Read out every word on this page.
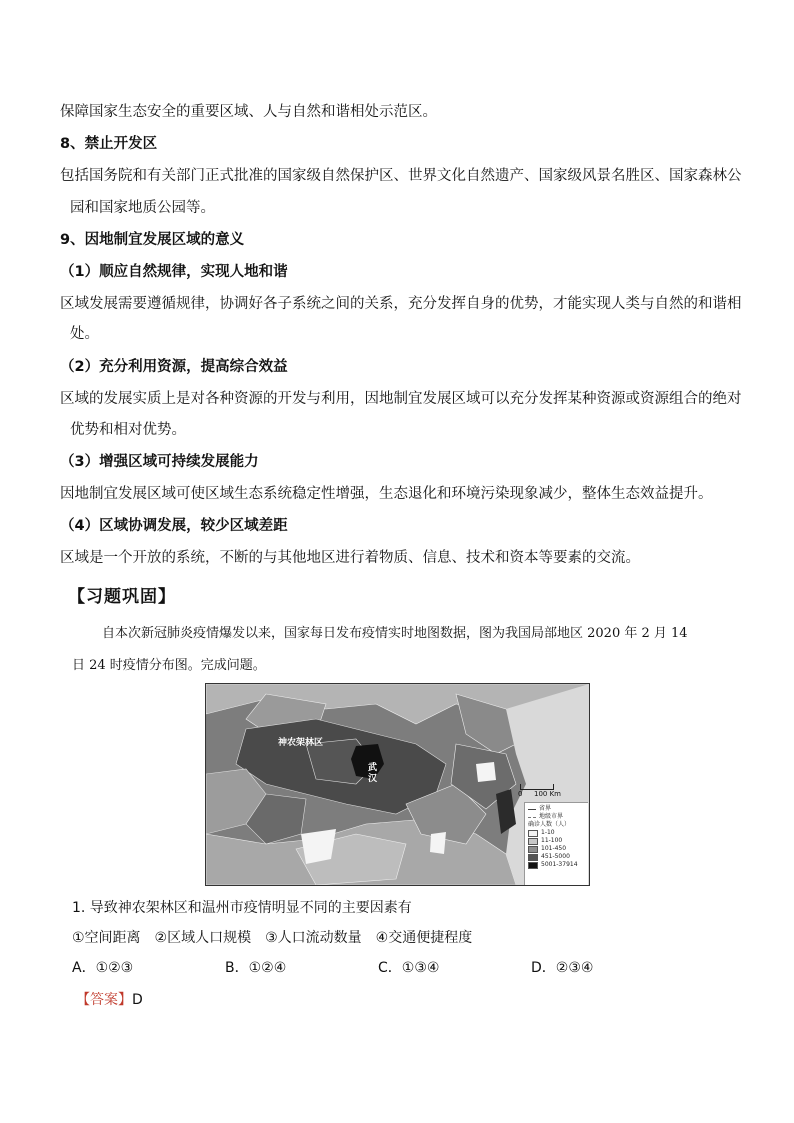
保障国家生态安全的重要区域、人与自然和谐相处示范区。
8、禁止开发区
包括国务院和有关部门正式批准的国家级自然保护区、世界文化自然遗产、国家级风景名胜区、国家森林公
园和国家地质公园等。
9、因地制宜发展区域的意义
（1）顺应自然规律，实现人地和谐
区域发展需要遵循规律，协调好各子系统之间的关系，充分发挥自身的优势，才能实现人类与自然的和谐相
处。
（2）充分利用资源，提高综合效益
区域的发展实质上是对各种资源的开发与利用，因地制宜发展区域可以充分发挥某种资源或资源组合的绝对
优势和相对优势。
（3）增强区域可持续发展能力
因地制宜发展区域可使区域生态系统稳定性增强，生态退化和环境污染现象减少，整体生态效益提升。
（4）区域协调发展，较少区域差距
区域是一个开放的系统，不断的与其他地区进行着物质、信息、技术和资本等要素的交流。
【习题巩固】
自本次新冠肺炎疫情爆发以来，国家每日发布疫情实时地图数据，图为我国局部地区 2020 年 2 月 14
日 24 时疫情分布图。完成问题。
神农架林区
武
汉
0 100 Km
省界
地级市界
确诊人数（人）
1-10
11-100
101-450
451-5000
5001-37914
1. 导致神农架林区和温州市疫情明显不同的主要因素有
①空间距离　②区域人口规模　③人口流动数量　④交通便捷程度
A．①②③	B．①②④	C．①③④	D．②③④
【答案】D
